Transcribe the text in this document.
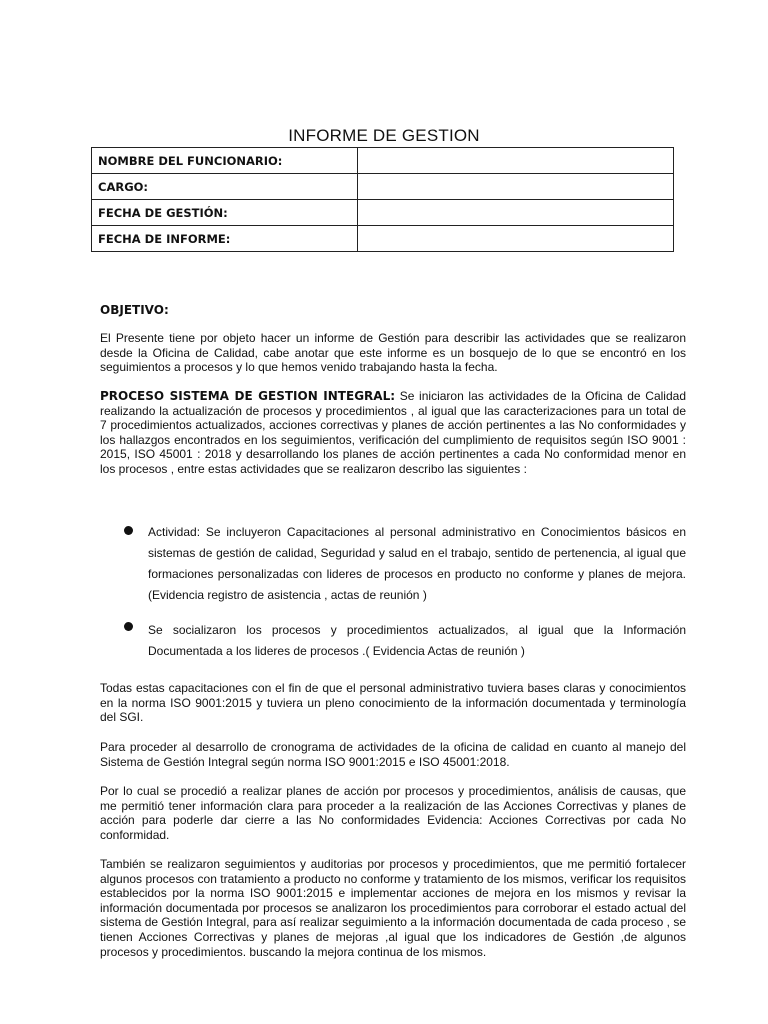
INFORME DE GESTION
NOMBRE DEL FUNCIONARIO:	
CARGO:	
FECHA DE GESTIÓN:	
FECHA DE INFORME:	
OBJETIVO:
El Presente tiene por objeto hacer un informe de Gestión para describir las actividades que se realizaron desde la Oficina de Calidad, cabe anotar que este informe es un bosquejo de lo que se encontró en los seguimientos a procesos y lo que hemos venido trabajando hasta la fecha.
PROCESO SISTEMA DE GESTION INTEGRAL: Se iniciaron las actividades de la Oficina de Calidad realizando la actualización de procesos y procedimientos , al igual que las caracterizaciones para un total de 7 procedimientos actualizados, acciones correctivas y planes de acción pertinentes a las No conformidades y los hallazgos encontrados en los seguimientos, verificación del cumplimiento de requisitos según ISO 9001 : 2015, ISO 45001 : 2018 y desarrollando los planes de acción pertinentes a cada No conformidad menor en los procesos , entre estas actividades que se realizaron describo las siguientes :
Actividad: Se incluyeron Capacitaciones al personal administrativo en Conocimientos básicos en sistemas de gestión de calidad, Seguridad y salud en el trabajo, sentido de pertenencia, al igual que formaciones personalizadas con lideres de procesos en producto no conforme y planes de mejora.(Evidencia registro de asistencia , actas de reunión )
Se socializaron los procesos y procedimientos actualizados, al igual que la Información Documentada a los lideres de procesos .( Evidencia Actas de reunión )
Todas estas capacitaciones con el fin de que el personal administrativo tuviera bases claras y conocimientos en la norma ISO 9001:2015 y tuviera un pleno conocimiento de la información documentada y terminología del SGI.
Para proceder al desarrollo de cronograma de actividades de la oficina de calidad en cuanto al manejo del Sistema de Gestión Integral según norma ISO 9001:2015 e ISO 45001:2018.
Por lo cual se procedió a realizar planes de acción por procesos y procedimientos, análisis de causas, que me permitió tener información clara para proceder a la realización de las Acciones Correctivas y planes de acción para poderle dar cierre a las No conformidades Evidencia: Acciones Correctivas por cada No conformidad.
También se realizaron seguimientos y auditorias por procesos y procedimientos, que me permitió fortalecer algunos procesos con tratamiento a producto no conforme y tratamiento de los mismos, verificar los requisitos establecidos por la norma ISO 9001:2015 e implementar acciones de mejora en los mismos y revisar la información documentada por procesos se analizaron los procedimientos para corroborar el estado actual del sistema de Gestión Integral, para así realizar seguimiento a la información documentada de cada proceso , se tienen Acciones Correctivas y planes de mejoras ,al igual que los indicadores de Gestión ,de algunos procesos y procedimientos. buscando la mejora continua de los mismos.
